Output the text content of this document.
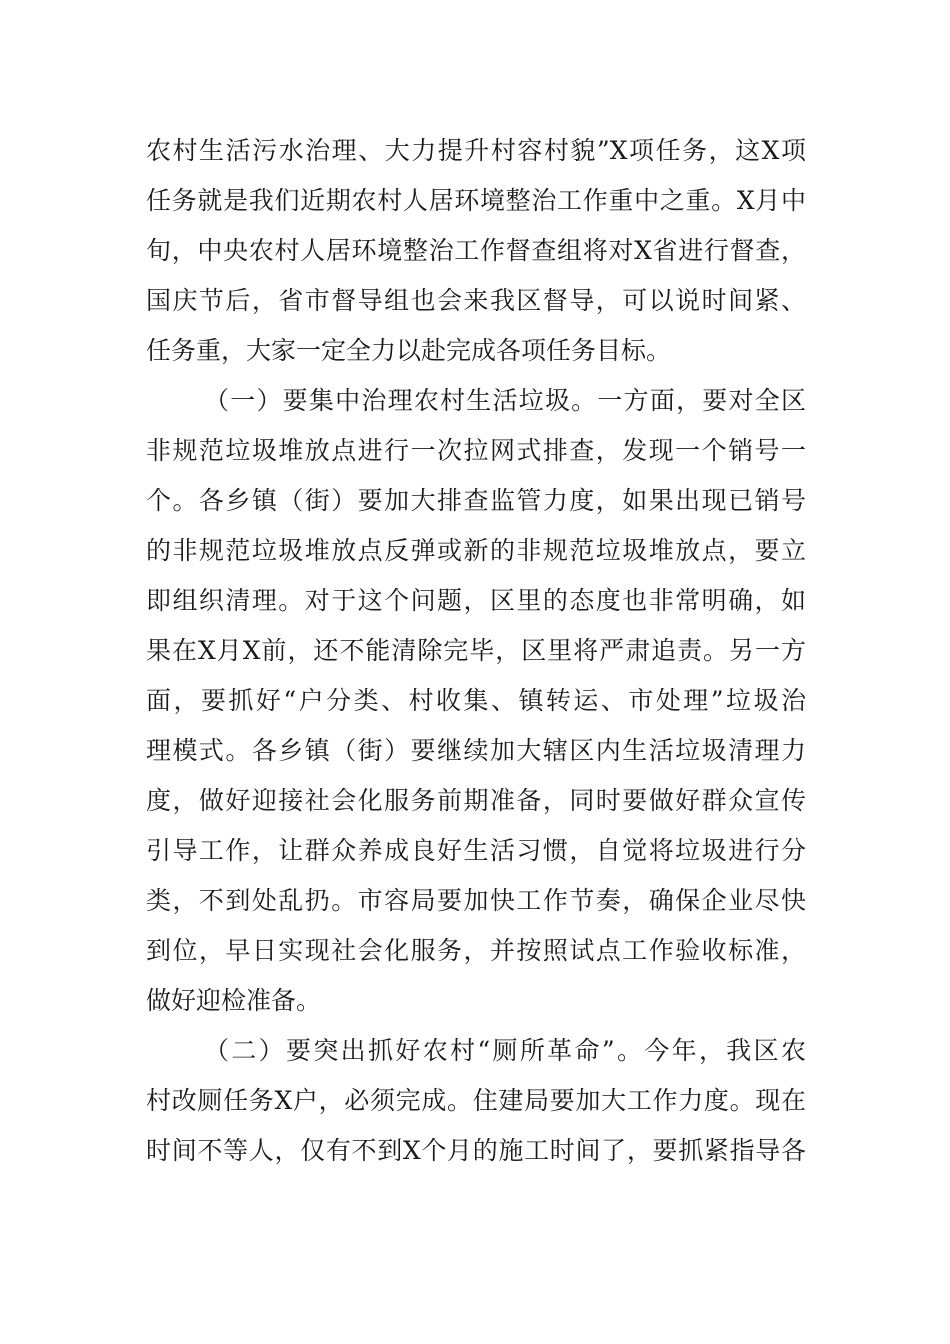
农村生活污水治理、大力提升村容村貌”X项任务，这X项
任务就是我们近期农村人居环境整治工作重中之重。X月中
旬，中央农村人居环境整治工作督查组将对X省进行督查，
国庆节后，省市督导组也会来我区督导，可以说时间紧、
任务重，大家一定全力以赴完成各项任务目标。
（一）要集中治理农村生活垃圾。一方面，要对全区
非规范垃圾堆放点进行一次拉网式排查，发现一个销号一
个。各乡镇（街）要加大排查监管力度，如果出现已销号
的非规范垃圾堆放点反弹或新的非规范垃圾堆放点，要立
即组织清理。对于这个问题，区里的态度也非常明确，如
果在X月X前，还不能清除完毕，区里将严肃追责。另一方
面，要抓好“户分类、村收集、镇转运、市处理”垃圾治
理模式。各乡镇（街）要继续加大辖区内生活垃圾清理力
度，做好迎接社会化服务前期准备，同时要做好群众宣传
引导工作，让群众养成良好生活习惯，自觉将垃圾进行分
类，不到处乱扔。市容局要加快工作节奏，确保企业尽快
到位，早日实现社会化服务，并按照试点工作验收标准，
做好迎检准备。
（二）要突出抓好农村“厕所革命”。今年，我区农
村改厕任务X户，必须完成。住建局要加大工作力度。现在
时间不等人，仅有不到X个月的施工时间了，要抓紧指导各
